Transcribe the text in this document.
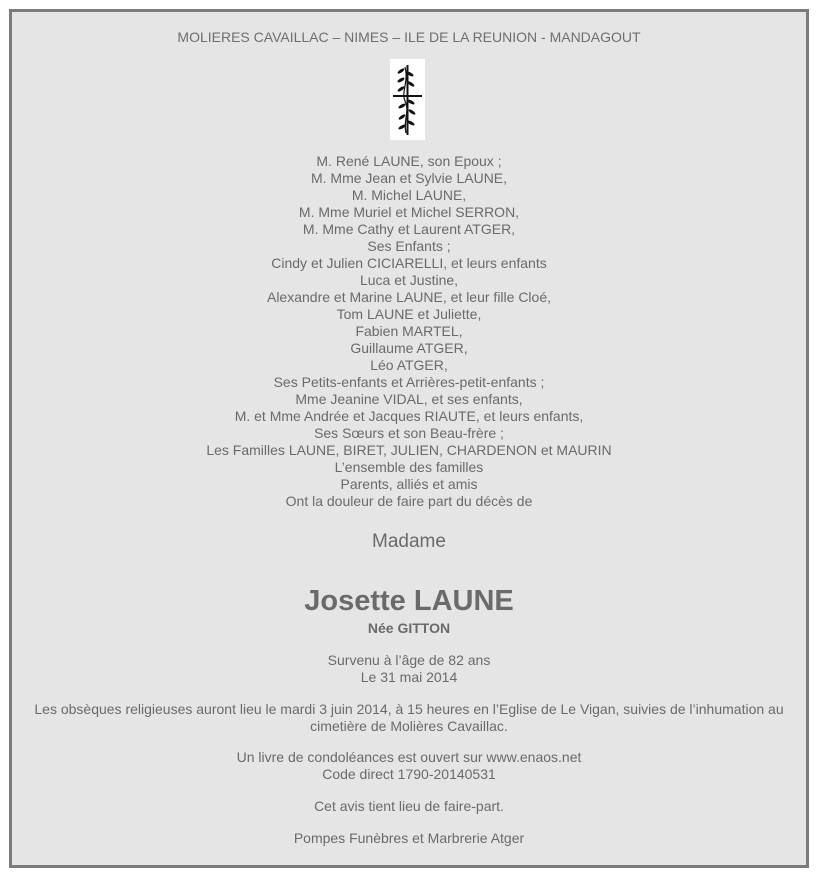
MOLIERES CAVAILLAC – NIMES – ILE DE LA REUNION - MANDAGOUT
M. René LAUNE, son Epoux ;
M. Mme Jean et Sylvie LAUNE,
M. Michel LAUNE,
M. Mme Muriel et Michel SERRON,
M. Mme Cathy et Laurent ATGER,
Ses Enfants ;
Cindy et Julien CICIARELLI, et leurs enfants
Luca et Justine,
Alexandre et Marine LAUNE, et leur fille Cloé,
Tom LAUNE et Juliette,
Fabien MARTEL,
Guillaume ATGER,
Léo ATGER,
Ses Petits-enfants et Arrières-petit-enfants ;
Mme Jeanine VIDAL, et ses enfants,
M. et Mme Andrée et Jacques RIAUTE, et leurs enfants,
Ses Sœurs et son Beau-frère ;
Les Familles LAUNE, BIRET, JULIEN, CHARDENON et MAURIN
L’ensemble des familles
Parents, alliés et amis
Ont la douleur de faire part du décès de
Madame
Josette LAUNE
Née GITTON
Survenu à l’âge de 82 ans
Le 31 mai 2014
Les obsèques religieuses auront lieu le mardi 3 juin 2014, à 15 heures en l’Eglise de Le Vigan, suivies de l’inhumation au cimetière de Molières Cavaillac.
Un livre de condoléances est ouvert sur www.enaos.net
Code direct 1790-20140531
Cet avis tient lieu de faire-part.
Pompes Funèbres et Marbrerie Atger
